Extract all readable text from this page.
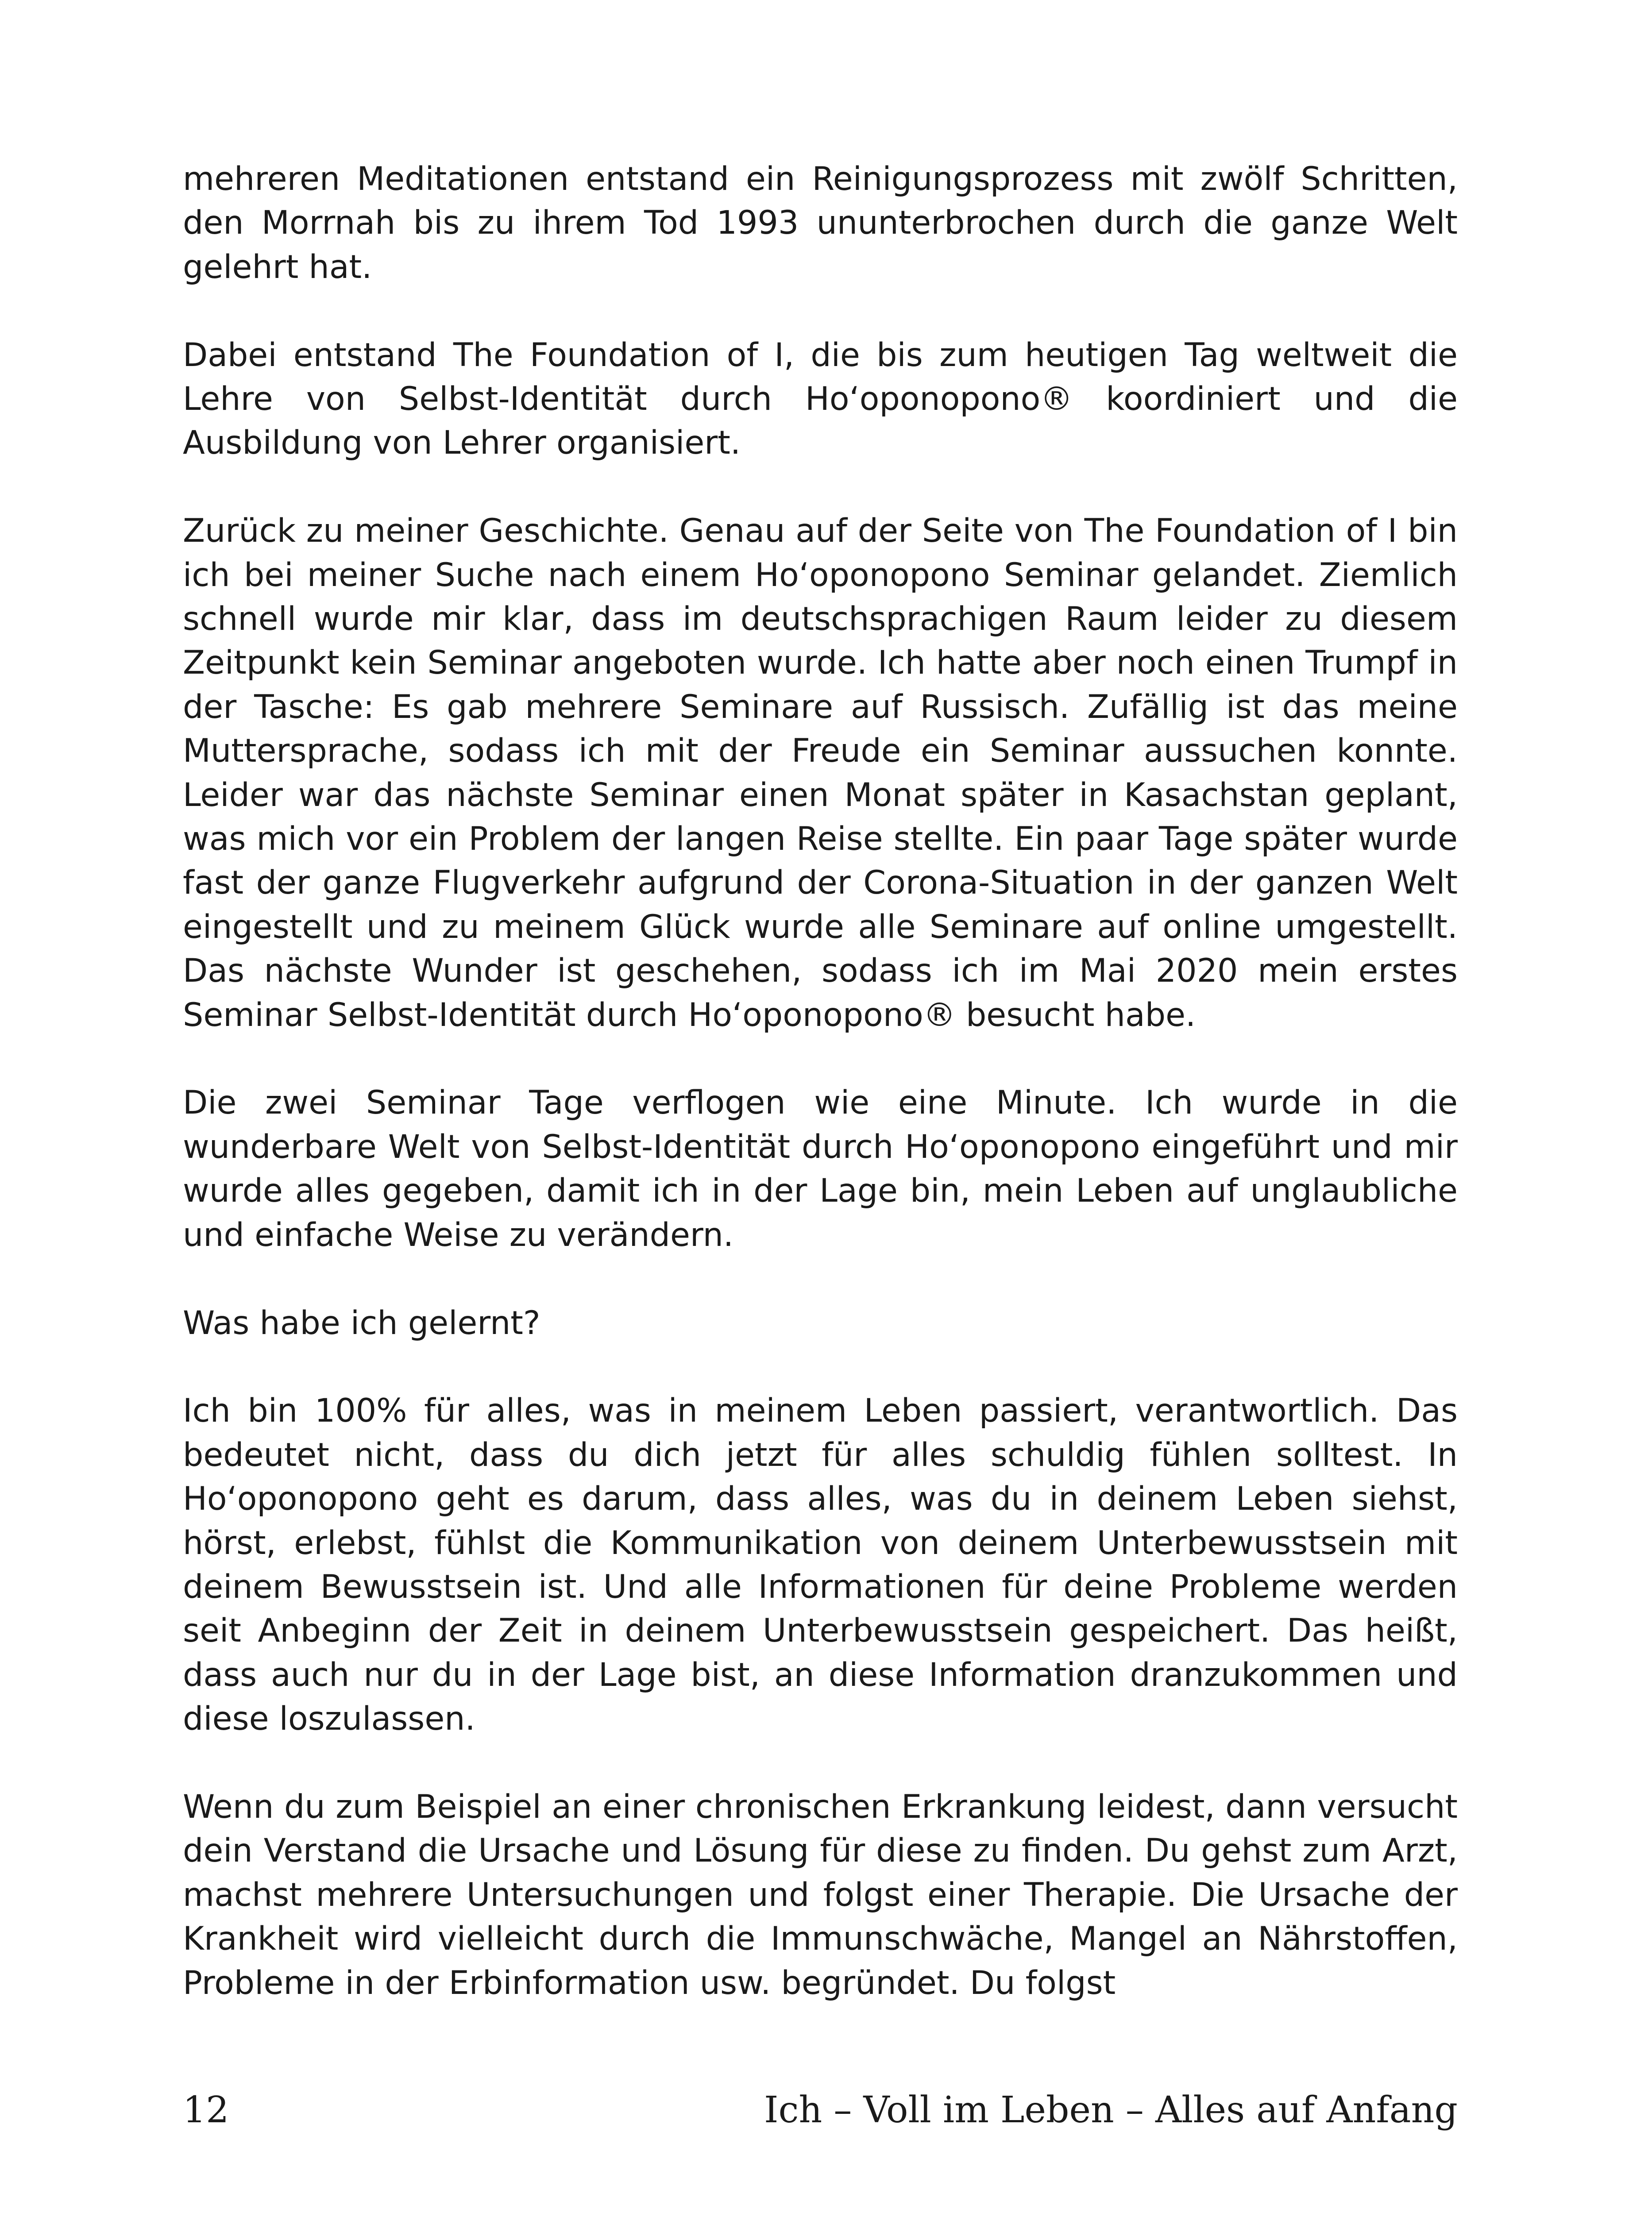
mehreren Meditationen entstand ein Reinigungsprozess mit zwölf Schritten, den Morrnah bis zu ihrem Tod 1993 ununterbrochen durch die ganze Welt gelehrt hat.

Dabei entstand The Foundation of I, die bis zum heutigen Tag weltweit die Lehre von Selbst-Identität durch Hoʻoponopono® koordiniert und die Ausbildung von Lehrer organisiert.

Zurück zu meiner Geschichte. Genau auf der Seite von The Foundation of I bin ich bei meiner Suche nach einem Hoʻoponopono Seminar gelandet. Ziemlich schnell wurde mir klar, dass im deutschsprachigen Raum leider zu diesem Zeitpunkt kein Seminar angeboten wurde. Ich hatte aber noch einen Trumpf in der Tasche: Es gab mehrere Seminare auf Russisch. Zufällig ist das meine Muttersprache, sodass ich mit der Freude ein Seminar aussuchen konnte. Leider war das nächste Seminar einen Monat später in Kasachstan geplant, was mich vor ein Problem der langen Reise stellte. Ein paar Tage später wurde fast der ganze Flugverkehr aufgrund der Corona-Situation in der ganzen Welt eingestellt und zu meinem Glück wurde alle Seminare auf online umgestellt. Das nächste Wunder ist geschehen, sodass ich im Mai 2020 mein erstes Seminar Selbst-Identität durch Hoʻoponopono® besucht habe.

Die zwei Seminar Tage verflogen wie eine Minute. Ich wurde in die wunderbare Welt von Selbst-Identität durch Hoʻoponopono eingeführt und mir wurde alles gegeben, damit ich in der Lage bin, mein Leben auf unglaubliche und einfache Weise zu verändern.

Was habe ich gelernt?

Ich bin 100% für alles, was in meinem Leben passiert, verantwortlich. Das bedeutet nicht, dass du dich jetzt für alles schuldig fühlen solltest. In Hoʻoponopono geht es darum, dass alles, was du in deinem Leben siehst, hörst, erlebst, fühlst die Kommunikation von deinem Unterbewusstsein mit deinem Bewusstsein ist. Und alle Informationen für deine Probleme werden seit Anbeginn der Zeit in deinem Unterbewusstsein gespeichert. Das heißt, dass auch nur du in der Lage bist, an diese Information dranzukommen und diese loszulassen.

Wenn du zum Beispiel an einer chronischen Erkrankung leidest, dann versucht dein Verstand die Ursache und Lösung für diese zu finden. Du gehst zum Arzt, machst mehrere Untersuchungen und folgst einer Therapie. Die Ursache der Krankheit wird vielleicht durch die Immunschwäche, Mangel an Nährstoffen, Probleme in der Erbinformation usw. begründet. Du folgst

12	Ich – Voll im Leben – Alles auf Anfang
